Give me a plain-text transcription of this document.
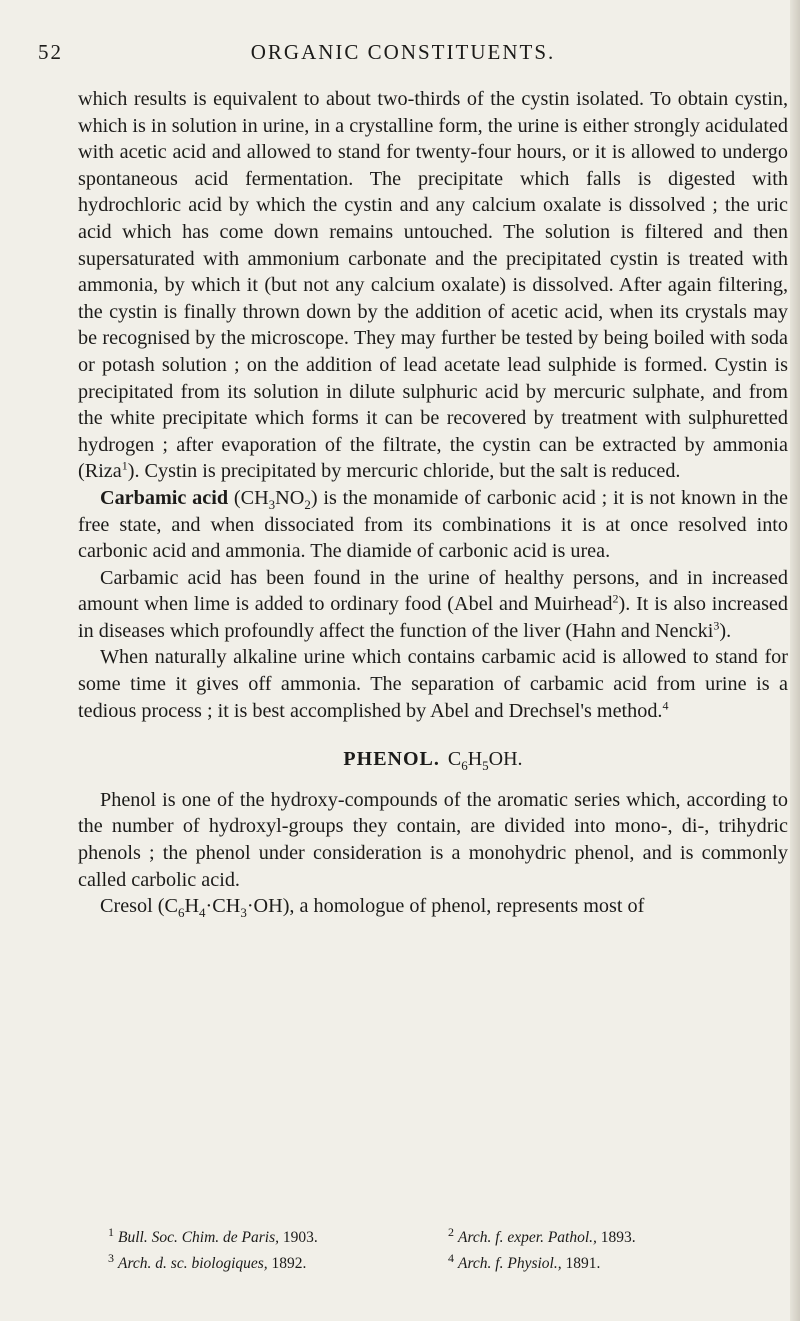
52	ORGANIC CONSTITUENTS.

which results is equivalent to about two-thirds of the cystin isolated. To obtain cystin, which is in solution in urine, in a crystalline form, the urine is either strongly acidulated with acetic acid and allowed to stand for twenty-four hours, or it is allowed to undergo spontaneous acid fermentation. The precipitate which falls is digested with hydrochloric acid by which the cystin and any calcium oxalate is dissolved ; the uric acid which has come down remains untouched. The solution is filtered and then supersaturated with ammonium carbonate and the precipitated cystin is treated with ammonia, by which it (but not any calcium oxalate) is dissolved. After again filtering, the cystin is finally thrown down by the addition of acetic acid, when its crystals may be recognised by the microscope. They may further be tested by being boiled with soda or potash solution ; on the addition of lead acetate lead sulphide is formed. Cystin is precipitated from its solution in dilute sulphuric acid by mercuric sulphate, and from the white precipitate which forms it can be recovered by treatment with sulphuretted hydrogen ; after evaporation of the filtrate, the cystin can be extracted by ammonia (Riza$^1$). Cystin is precipitated by mercuric chloride, but the salt is reduced.

Carbamic acid $(CH_3NO_2)$ is the monamide of carbonic acid ; it is not known in the free state, and when dissociated from its combinations it is at once resolved into carbonic acid and ammonia. The diamide of carbonic acid is urea.

Carbamic acid has been found in the urine of healthy persons, and in increased amount when lime is added to ordinary food (Abel and Muirhead$^2$). It is also increased in diseases which profoundly affect the function of the liver (Hahn and Nencki$^3$).

When naturally alkaline urine which contains carbamic acid is allowed to stand for some time it gives off ammonia. The separation of carbamic acid from urine is a tedious process ; it is best accomplished by Abel and Drechsel's method.$^4$

PHENOL. $C_6H_5OH$.

Phenol is one of the hydroxy-compounds of the aromatic series which, according to the number of hydroxyl-groups they contain, are divided into mono-, di-, trihydric phenols ; the phenol under consideration is a monohydric phenol, and is commonly called carbolic acid.

Cresol $(C_6H_4\cdot CH_3\cdot OH)$, a homologue of phenol, represents most of

$^1$ Bull. Soc. Chim. de Paris, 1903.	$^2$ Arch. f. exper. Pathol., 1893.
$^3$ Arch. d. sc. biologiques, 1892.	$^4$ Arch. f. Physiol., 1891.
